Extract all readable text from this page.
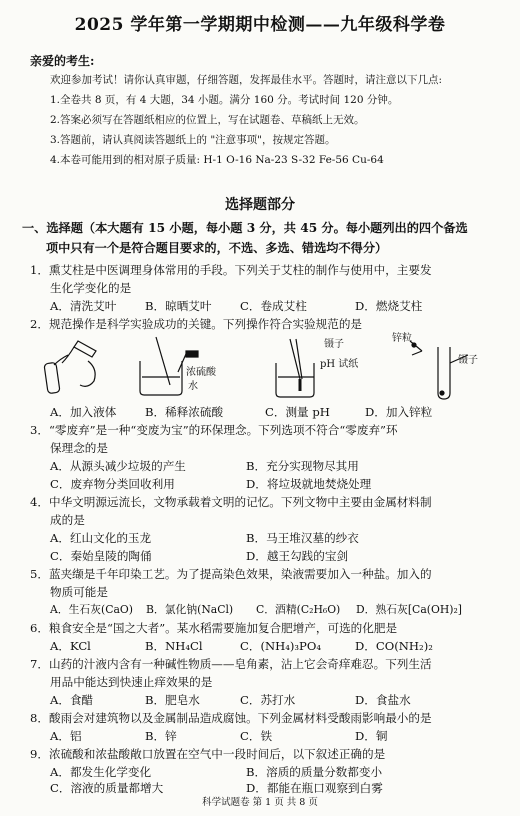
2025 学年第一学期期中检测——九年级科学卷
亲爱的考生:
欢迎参加考试！请你认真审题，仔细答题，发挥最佳水平。答题时，请注意以下几点:
1.全卷共 8 页，有 4 大题，34 小题。满分 160 分。考试时间 120 分钟。
2.答案必须写在答题纸相应的位置上，写在试题卷、草稿纸上无效。
3.答题前，请认真阅读答题纸上的 "注意事项"，按规定答题。
4.本卷可能用到的相对原子质量: H-1 O-16 Na-23 S-32 Fe-56 Cu-64
选择题部分
一、选择题（本大题有 15 小题，每小题 3 分，共 45 分。每小题列出的四个备选
项中只有一个是符合题目要求的，不选、多选、错选均不得分）
1．熏艾柱是中医调理身体常用的手段。下列关于艾柱的制作与使用中，主要发
生化学变化的是
A．清洗艾叶 B．晾晒艾叶 C．卷成艾柱	D．燃烧艾柱
2．规范操作是科学实验成功的关键。下列操作符合实验规范的是
浓硫酸
水
镊子
pH 试纸
锌粒
镊子
A．加入液体 B．稀释浓硫酸	C．测量 pH	D．加入锌粒
3．“零废弃”是一种“变废为宝”的环保理念。下列选项不符合“零废弃”环
保理念的是
A．从源头减少垃圾的产生	B．充分实现物尽其用
C．废弃物分类回收利用	D．将垃圾就地焚烧处理
4．中华文明源远流长，文物承载着文明的记忆。下列文物中主要由金属材料制
成的是
A．红山文化的玉龙	B．马王堆汉墓的纱衣
C．秦始皇陵的陶俑	D．越王勾践的宝剑
5．蓝夹缬是千年印染工艺。为了提高染色效果，染液需要加入一种盐。加入的
物质可能是
A．生石灰(CaO) B．氯化钠(NaCl) C．酒精(C₂H₆O) D．熟石灰[Ca(OH)₂]
6．粮食安全是“国之大者”。某水稻需要施加复合肥增产，可选的化肥是
A．KCl	B．NH₄Cl	C．(NH₄)₃PO₄	D．CO(NH₂)₂
7．山药的汁液内含有一种碱性物质——皂角素，沾上它会奇痒难忍。下列生活
用品中能达到快速止痒效果的是
A．食醋	B．肥皂水	C．苏打水	D．食盐水
8．酸雨会对建筑物以及金属制品造成腐蚀。下列金属材料受酸雨影响最小的是
A．铝	B．锌	C．铁	D．铜
9．浓硫酸和浓盐酸敞口放置在空气中一段时间后，以下叙述正确的是
A．都发生化学变化	B．溶质的质量分数都变小
C．溶液的质量都增大	D．都能在瓶口观察到白雾
科学试题卷 第 1 页 共 8 页
